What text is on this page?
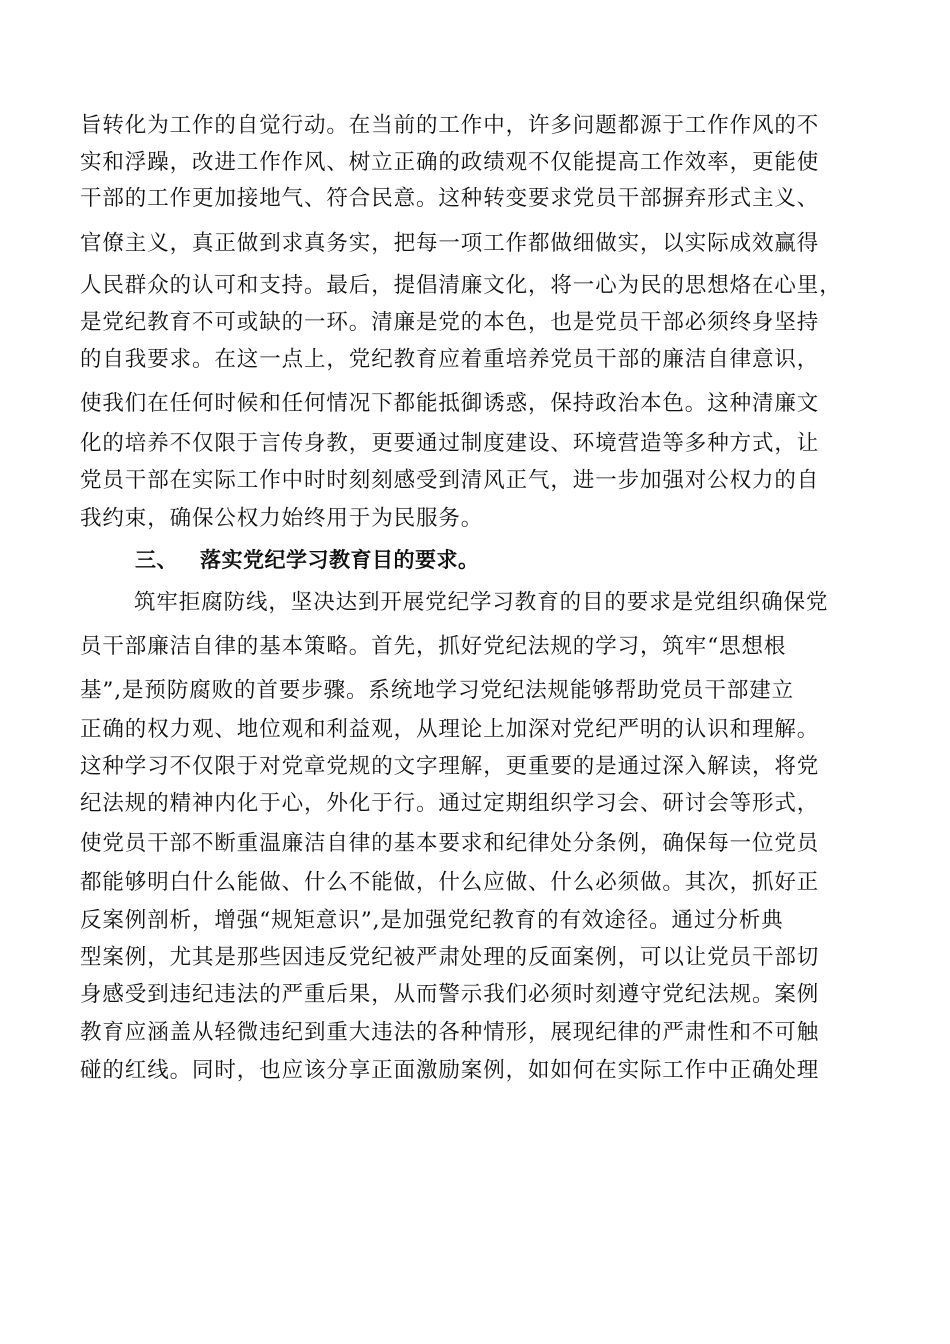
旨转化为工作的自觉行动。在当前的工作中，许多问题都源于工作作风的不
实和浮躁，改进工作作风、树立正确的政绩观不仅能提高工作效率，更能使
干部的工作更加接地气、符合民意。这种转变要求党员干部摒弃形式主义、
官僚主义，真正做到求真务实，把每一项工作都做细做实，以实际成效赢得
人民群众的认可和支持。最后，提倡清廉文化，将一心为民的思想烙在心里，
是党纪教育不可或缺的一环。清廉是党的本色，也是党员干部必须终身坚持
的自我要求。在这一点上，党纪教育应着重培养党员干部的廉洁自律意识，
使我们在任何时候和任何情况下都能抵御诱惑，保持政治本色。这种清廉文
化的培养不仅限于言传身教，更要通过制度建设、环境营造等多种方式，让
党员干部在实际工作中时时刻刻感受到清风正气，进一步加强对公权力的自
我约束，确保公权力始终用于为民服务。
三、 落实党纪学习教育目的要求。
筑牢拒腐防线，坚决达到开展党纪学习教育的目的要求是党组织确保党
员干部廉洁自律的基本策略。首先，抓好党纪法规的学习，筑牢“思想根
基”,是预防腐败的首要步骤。系统地学习党纪法规能够帮助党员干部建立
正确的权力观、地位观和利益观，从理论上加深对党纪严明的认识和理解。
这种学习不仅限于对党章党规的文字理解，更重要的是通过深入解读，将党
纪法规的精神内化于心，外化于行。通过定期组织学习会、研讨会等形式，
使党员干部不断重温廉洁自律的基本要求和纪律处分条例，确保每一位党员
都能够明白什么能做、什么不能做，什么应做、什么必须做。其次，抓好正
反案例剖析，增强“规矩意识”,是加强党纪教育的有效途径。通过分析典
型案例，尤其是那些因违反党纪被严肃处理的反面案例，可以让党员干部切
身感受到违纪违法的严重后果，从而警示我们必须时刻遵守党纪法规。案例
教育应涵盖从轻微违纪到重大违法的各种情形，展现纪律的严肃性和不可触
碰的红线。同时，也应该分享正面激励案例，如如何在实际工作中正确处理
